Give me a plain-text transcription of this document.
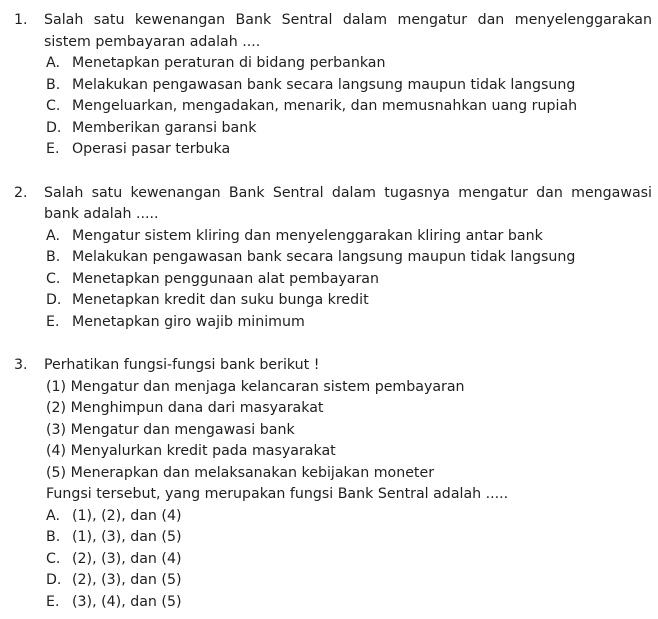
1.	Salah satu kewenangan Bank Sentral dalam mengatur dan menyelenggarakan
sistem pembayaran adalah ....
A. Menetapkan peraturan di bidang perbankan
B. Melakukan pengawasan bank secara langsung maupun tidak langsung
C. Mengeluarkan, mengadakan, menarik, dan memusnahkan uang rupiah
D. Memberikan garansi bank
E. Operasi pasar terbuka
2.	Salah satu kewenangan Bank Sentral dalam tugasnya mengatur dan mengawasi
bank adalah .....
A. Mengatur sistem kliring dan menyelenggarakan kliring antar bank
B. Melakukan pengawasan bank secara langsung maupun tidak langsung
C. Menetapkan penggunaan alat pembayaran
D. Menetapkan kredit dan suku bunga kredit
E. Menetapkan giro wajib minimum
3.	Perhatikan fungsi-fungsi bank berikut !
(1) Mengatur dan menjaga kelancaran sistem pembayaran
(2) Menghimpun dana dari masyarakat
(3) Mengatur dan mengawasi bank
(4) Menyalurkan kredit pada masyarakat
(5) Menerapkan dan melaksanakan kebijakan moneter
Fungsi tersebut, yang merupakan fungsi Bank Sentral adalah .....
A. (1), (2), dan (4)
B. (1), (3), dan (5)
C. (2), (3), dan (4)
D. (2), (3), dan (5)
E. (3), (4), dan (5)
